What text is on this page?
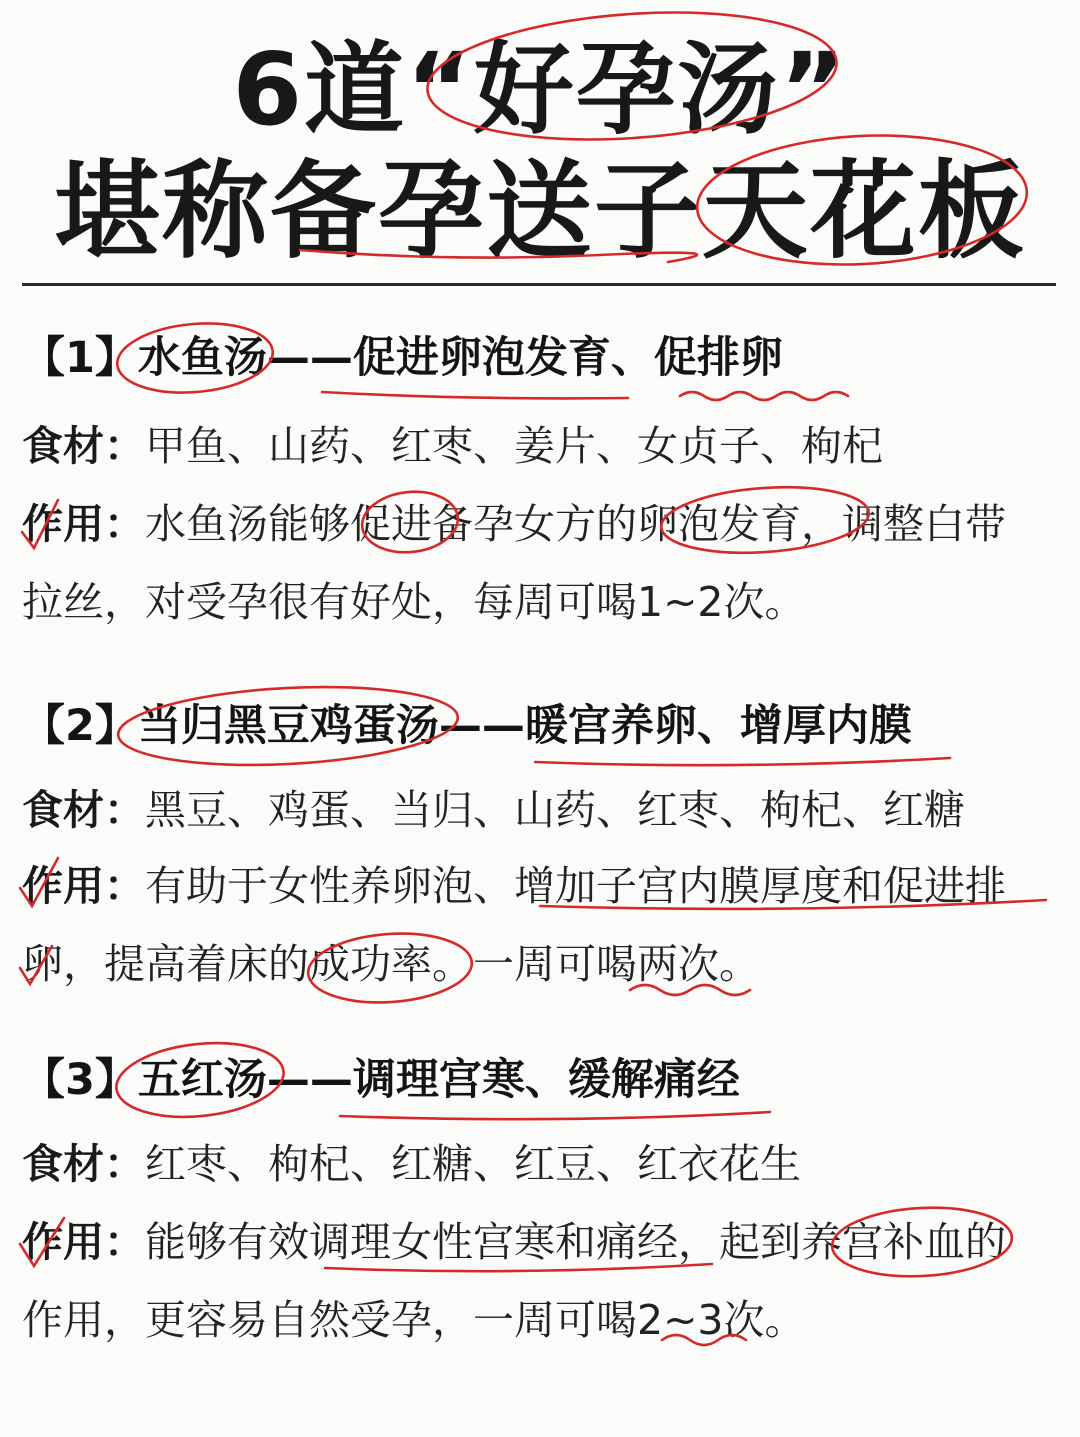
6道“好孕汤”
堪称备孕送子天花板
【1】水鱼汤——促进卵泡发育、促排卵
食材：甲鱼、山药、红枣、姜片、女贞子、枸杞
作用：水鱼汤能够促进备孕女方的卵泡发育，调整白带
拉丝，对受孕很有好处，每周可喝1~2次。
【2】当归黑豆鸡蛋汤——暖宫养卵、增厚内膜
食材：黑豆、鸡蛋、当归、山药、红枣、枸杞、红糖
作用：有助于女性养卵泡、增加子宫内膜厚度和促进排
卵，提高着床的成功率。一周可喝两次。
【3】五红汤——调理宫寒、缓解痛经
食材：红枣、枸杞、红糖、红豆、红衣花生
作用：能够有效调理女性宫寒和痛经，起到养宫补血的
作用，更容易自然受孕，一周可喝2~3次。
